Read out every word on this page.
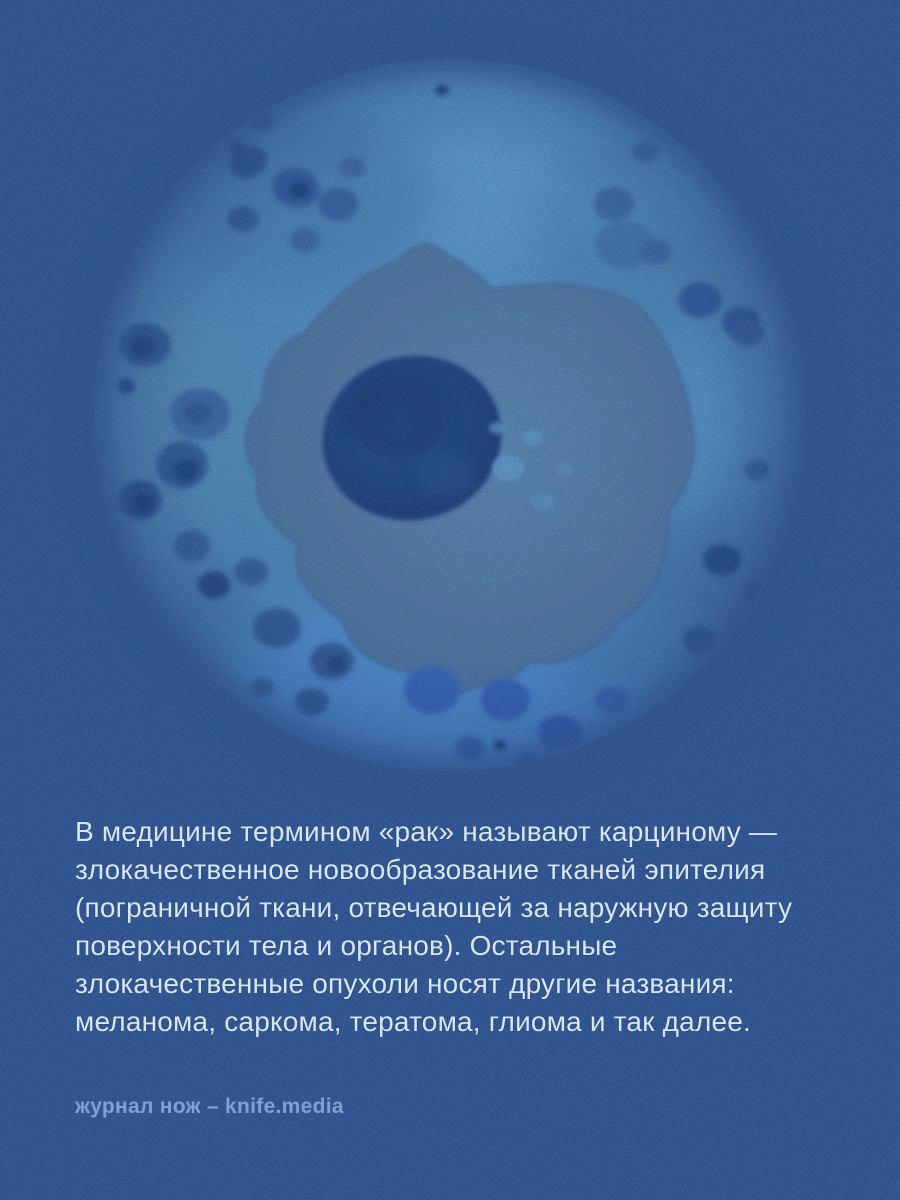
В медицине термином «рак» называют карциному —
злокачественное новообразование тканей эпителия
(пограничной ткани, отвечающей за наружную защиту
поверхности тела и органов). Остальные
злокачественные опухоли носят другие названия:
меланома, саркома, тератома, глиома и так далее.
журнал нож – knife.media
